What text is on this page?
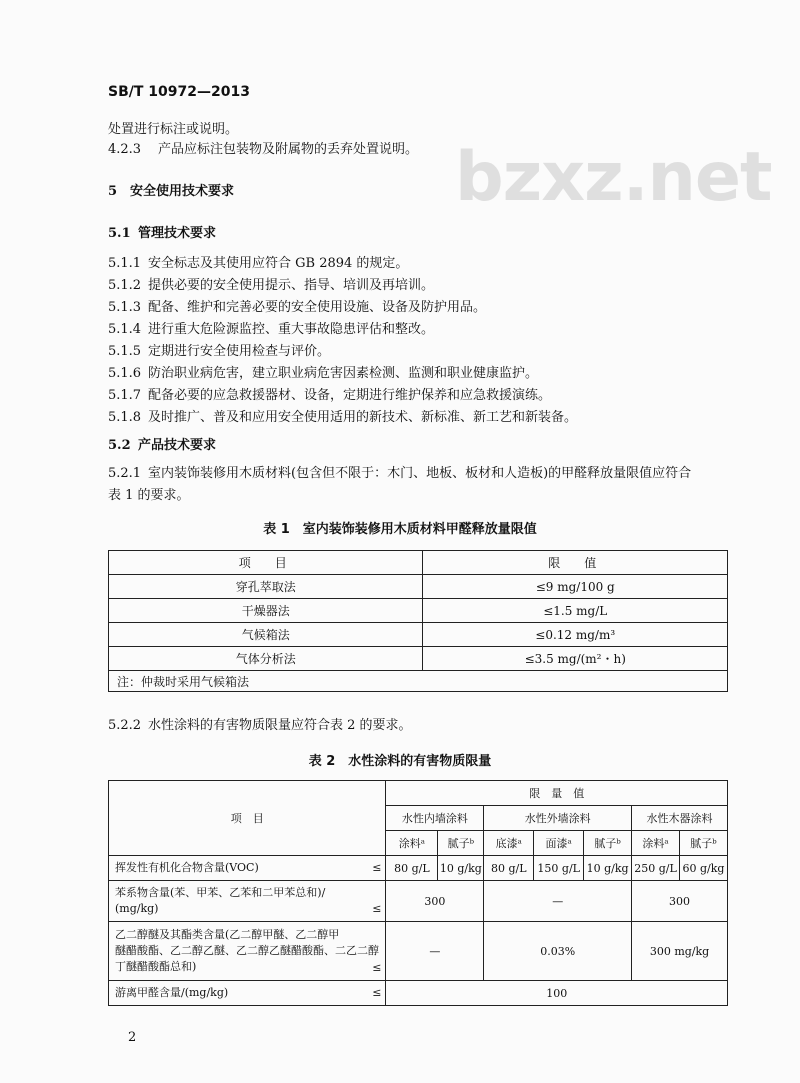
SB/T 10972—2013
bzxz.net
处置进行标注或说明。
4.2.3 产品应标注包装物及附属物的丢弃处置说明。
5 安全使用技术要求
5.1 管理技术要求
5.1.1 安全标志及其使用应符合 GB 2894 的规定。
5.1.2 提供必要的安全使用提示、指导、培训及再培训。
5.1.3 配备、维护和完善必要的安全使用设施、设备及防护用品。
5.1.4 进行重大危险源监控、重大事故隐患评估和整改。
5.1.5 定期进行安全使用检查与评价。
5.1.6 防治职业病危害，建立职业病危害因素检测、监测和职业健康监护。
5.1.7 配备必要的应急救援器材、设备，定期进行维护保养和应急救援演练。
5.1.8 及时推广、普及和应用安全使用适用的新技术、新标准、新工艺和新装备。
5.2 产品技术要求
5.2.1 室内装饰装修用木质材料(包含但不限于：木门、地板、板材和人造板)的甲醛释放量限值应符合
表 1 的要求。
表 1　室内装饰装修用木质材料甲醛释放量限值
项　目	限　值
穿孔萃取法	≤9 mg/100 g
干燥器法	≤1.5 mg/L
气候箱法	≤0.12 mg/m³
气体分析法	≤3.5 mg/(m²・h)
注：仲裁时采用气候箱法	
5.2.2 水性涂料的有害物质限量应符合表 2 的要求。
表 2　水性涂料的有害物质限量
项　目	限　量　值						
	水性内墙涂料		水性外墙涂料			水性木器涂料	
	涂料ᵃ	腻子ᵇ	底漆ᵃ	面漆ᵃ	腻子ᵇ	涂料ᵃ	腻子ᵇ
挥发性有机化合物含量(VOC) ≤	80 g/L	10 g/kg	80 g/L	150 g/L	10 g/kg	250 g/L	60 g/kg

苯系物含量(苯、甲苯、乙苯和二甲苯总和)/
(mg/kg) ≤	300		—			300	

乙二醇醚及其酯类含量(乙二醇甲醚、乙二醇甲
醚醋酸酯、乙二醇乙醚、乙二醇乙醚醋酸酯、二乙二醇
丁醚醋酸酯总和) ≤	—		0.03%			300 mg/kg	
游离甲醛含量/(mg/kg) ≤	100						
2
